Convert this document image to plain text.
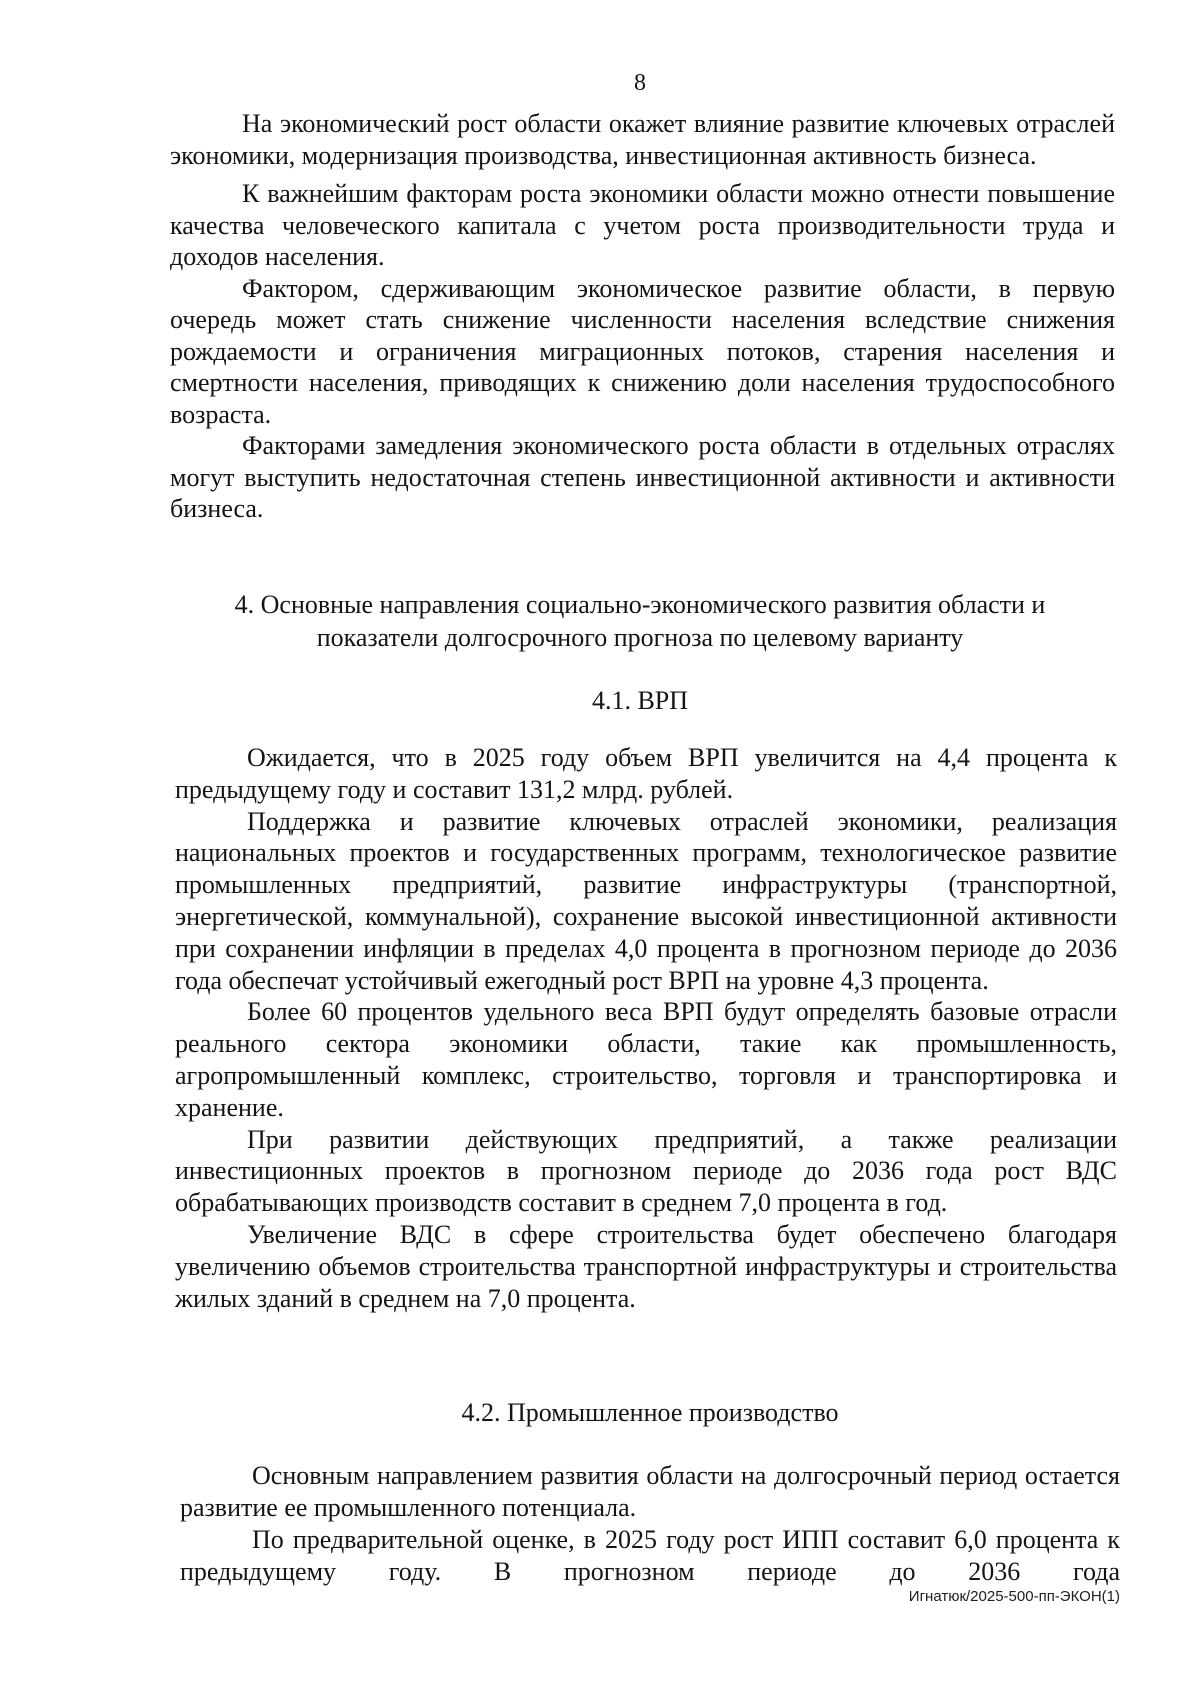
8

На экономический рост области окажет влияние развитие ключевых отраслей экономики, модернизация производства, инвестиционная активность бизнеса.

К важнейшим факторам роста экономики области можно отнести повышение качества человеческого капитала с учетом роста производительности труда и доходов населения.

Фактором, сдерживающим экономическое развитие области, в первую очередь может стать снижение численности населения вследствие снижения рождаемости и ограничения миграционных потоков, старения населения и смертности населения, приводящих к снижению доли населения трудоспособного возраста.

Факторами замедления экономического роста области в отдельных отраслях могут выступить недостаточная степень инвестиционной активности и активности бизнеса.

4. Основные направления социально-экономического развития области и
показатели долгосрочного прогноза по целевому варианту
4.1. ВРП

Ожидается, что в 2025 году объем ВРП увеличится на 4,4 процента к предыдущему году и составит 131,2 млрд. рублей.

Поддержка и развитие ключевых отраслей экономики, реализация национальных проектов и государственных программ, технологическое развитие промышленных предприятий, развитие инфраструктуры (транспортной, энергетической, коммунальной), сохранение высокой инвестиционной активности при сохранении инфляции в пределах 4,0 процента в прогнозном периоде до 2036 года обеспечат устойчивый ежегодный рост ВРП на уровне 4,3 процента.

Более 60 процентов удельного веса ВРП будут определять базовые отрасли реального сектора экономики области, такие как промышленность, агропромышленный комплекс, строительство, торговля и транспортировка и хранение.

При развитии действующих предприятий, а также реализации инвестиционных проектов в прогнозном периоде до 2036 года рост ВДС обрабатывающих производств составит в среднем 7,0 процента в год.

Увеличение ВДС в сфере строительства будет обеспечено благодаря увеличению объемов строительства транспортной инфраструктуры и строительства жилых зданий в среднем на 7,0 процента.

4.2. Промышленное производство

Основным направлением развития области на долгосрочный период остается развитие ее промышленного потенциала.

По предварительной оценке, в 2025 году рост ИПП составит 6,0 процента к предыдущему году. В прогнозном периоде до 2036 года

Игнатюк/2025-500-пп-ЭКОН(1)
